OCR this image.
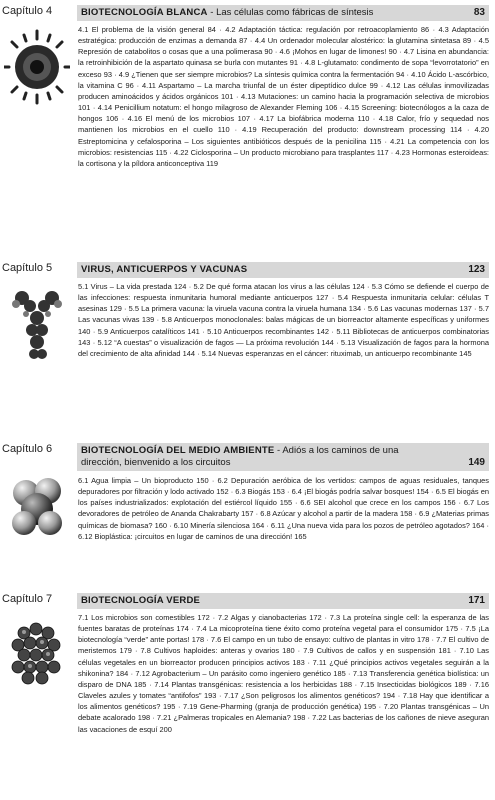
Capítulo 4	BIOTECNOLOGÍA BLANCA - Las células como fábricas de síntesis	83

4.1 El problema de la visión general 84 · 4.2 Adaptación táctica: regulación por retroacoplamiento 86 · 4.3 Adaptación estratégica: producción de enzimas a demanda 87 · 4.4 Un ordenador molecular alostérico: la glutamina sintetasa 89 · 4.5 Represión de catabolitos o cosas que a una polimerasa 90 · 4.6 ¡Mohos en lugar de limones! 90 · 4.7 Lisina en abundancia: la retroinhibición de la aspartato quinasa se burla con mutantes 91 · 4.8 L-glutamato: condimento de sopa “levorrotatorio” en exceso 93 · 4.9 ¿Tienen que ser siempre microbios? La síntesis química contra la fermentación 94 · 4.10 Ácido L-ascórbico, la vitamina C 96 · 4.11 Aspartamo – La marcha triunfal de un éster dipeptídico dulce 99 · 4.12 Las células inmovilizadas producen aminoácidos y ácidos orgánicos 101 · 4.13 Mutaciones: un camino hacia la programación selectiva de microbios 101 · 4.14 Penicillium notatum: el hongo milagroso de Alexander Fleming 106 · 4.15 Screening: biotecnólogos a la caza de hongos 106 · 4.16 El menú de los microbios 107 · 4.17 La biofábrica moderna 110 · 4.18 Calor, frío y sequedad nos mantienen los microbios en el cuello 110 · 4.19 Recuperación del producto: downstream processing 114 · 4.20 Estreptomicina y cefalosporina – Los siguientes antibióticos después de la penicilina 115 · 4.21 La competencia con los microbios: resistencias 115 · 4.22 Ciclosporina – Un producto microbiano para trasplantes 117 · 4.23 Hormonas esteroideas: la cortisona y la píldora anticonceptiva 119

Capítulo 5	VIRUS, ANTICUERPOS Y VACUNAS	123

5.1 Virus – La vida prestada 124 · 5.2 De qué forma atacan los virus a las células 124 · 5.3 Cómo se defiende el cuerpo de las infecciones: respuesta inmunitaria humoral mediante anticuerpos 127 · 5.4 Respuesta inmunitaria celular: células T asesinas 129 · 5.5 La primera vacuna: la viruela vacuna contra la viruela humana 134 · 5.6 Las vacunas modernas 137 · 5.7 Las vacunas vivas 139 · 5.8 Anticuerpos monoclonales: balas mágicas de un biorreactor altamente específicas y uniformes 140 · 5.9 Anticuerpos catalíticos 141 · 5.10 Anticuerpos recombinantes 142 · 5.11 Bibliotecas de anticuerpos combinatorias 143 · 5.12 “A cuestas” o visualización de fagos — La próxima revolución 144 · 5.13 Visualización de fagos para la hormona del crecimiento de alta afinidad 144 · 5.14 Nuevas esperanzas en el cáncer: rituximab, un anticuerpo recombinante 145

Capítulo 6	BIOTECNOLOGÍA DEL MEDIO AMBIENTE - Adiós a los caminos de una dirección, bienvenido a los circuitos	149

6.1 Agua limpia – Un bioproducto 150 · 6.2 Depuración aeróbica de los vertidos: campos de aguas residuales, tanques depuradores por filtración y lodo activado 152 · 6.3 Biogás 153 · 6.4 ¡El biogás podría salvar bosques! 154 · 6.5 El biogás en los países industrializados: explotación del estiércol líquido 155 · 6.6 SEI alcohol que crece en los campos 156 · 6.7 Los devoradores de petróleo de Ananda Chakrabarty 157 · 6.8 Azúcar y alcohol a partir de la madera 158 · 6.9 ¿Materias primas químicas de biomasa? 160 · 6.10 Minería silenciosa 164 · 6.11 ¿Una nueva vida para los pozos de petróleo agotados? 164 · 6.12 Bioplástica: ¡circuitos en lugar de caminos de una dirección! 165

Capítulo 7	BIOTECNOLOGÍA VERDE	171

7.1 Los microbios son comestibles 172 · 7.2 Algas y cianobacterias 172 · 7.3 La proteína single cell: la esperanza de las fuentes baratas de proteínas 174 · 7.4 La micoproteína tiene éxito como proteína vegetal para el consumidor 175 · 7.5 ¡La biotecnología “verde” ante portas! 178 · 7.6 El campo en un tubo de ensayo: cultivo de plantas in vitro 178 · 7.7 El cultivo de meristemos 179 · 7.8 Cultivos haploides: anteras y ovarios 180 · 7.9 Cultivos de callos y en suspensión 181 · 7.10 Las células vegetales en un biorreactor producen principios activos 183 · 7.11 ¿Qué principios activos vegetales seguirán a la shikonina? 184 · 7.12 Agrobacterium – Un parásito como ingeniero genético 185 · 7.13 Transferencia genética biolística: un disparo de DNA 185 · 7.14 Plantas transgénicas: resistencia a los herbicidas 188 · 7.15 Insecticidas biológicos 189 · 7.16 Claveles azules y tomates “antifofos” 193 · 7.17 ¿Son peligrosos los alimentos genéticos? 194 · 7.18 Hay que identificar a los alimentos genéticos? 195 · 7.19 Gene-Pharming (granja de producción genética) 195 · 7.20 Plantas transgénicas – Un debate acalorado 198 · 7.21 ¿Palmeras tropicales en Alemania? 198 · 7.22 Las bacterias de los cañones de nieve aseguran las vacaciones de esquí 200
